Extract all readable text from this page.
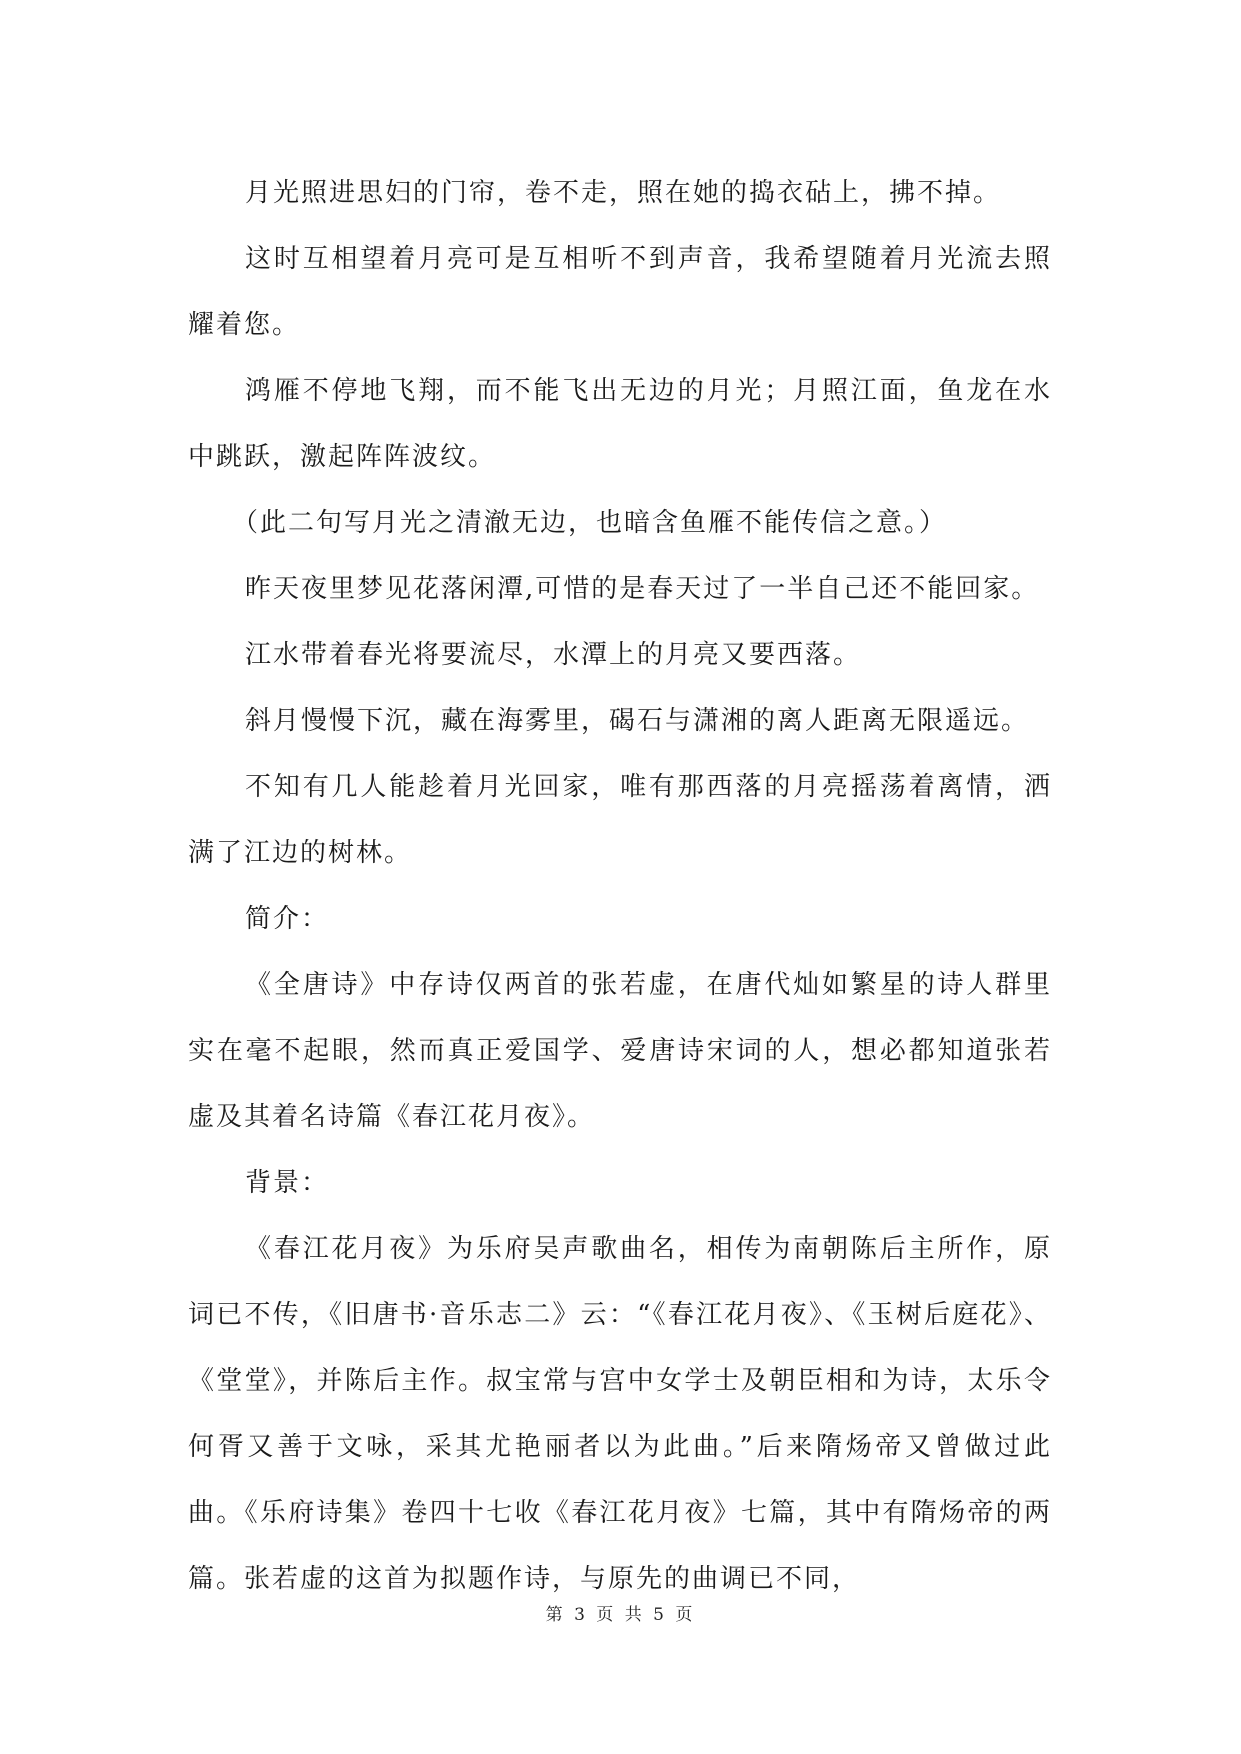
月光照进思妇的门帘，卷不走，照在她的捣衣砧上，拂不掉。

这时互相望着月亮可是互相听不到声音，我希望随着月光流去照耀着您。

鸿雁不停地飞翔，而不能飞出无边的月光；月照江面，鱼龙在水中跳跃，激起阵阵波纹。

（此二句写月光之清澈无边，也暗含鱼雁不能传信之意。）

昨天夜里梦见花落闲潭,可惜的是春天过了一半自己还不能回家。

江水带着春光将要流尽，水潭上的月亮又要西落。

斜月慢慢下沉，藏在海雾里，碣石与潇湘的离人距离无限遥远。

不知有几人能趁着月光回家，唯有那西落的月亮摇荡着离情，洒满了江边的树林。

简介：

《全唐诗》中存诗仅两首的张若虚，在唐代灿如繁星的诗人群里实在毫不起眼，然而真正爱国学、爱唐诗宋词的人，想必都知道张若虚及其着名诗篇《春江花月夜》。

背景：

《春江花月夜》为乐府吴声歌曲名，相传为南朝陈后主所作，原词已不传，《旧唐书·音乐志二》云：“《春江花月夜》、《玉树后庭花》、《堂堂》，并陈后主作。叔宝常与宫中女学士及朝臣相和为诗，太乐令何胥又善于文咏，采其尤艳丽者以为此曲。”后来隋炀帝又曾做过此曲。《乐府诗集》卷四十七收《春江花月夜》七篇，其中有隋炀帝的两篇。张若虚的这首为拟题作诗，与原先的曲调已不同，

第 3 页 共 5 页
